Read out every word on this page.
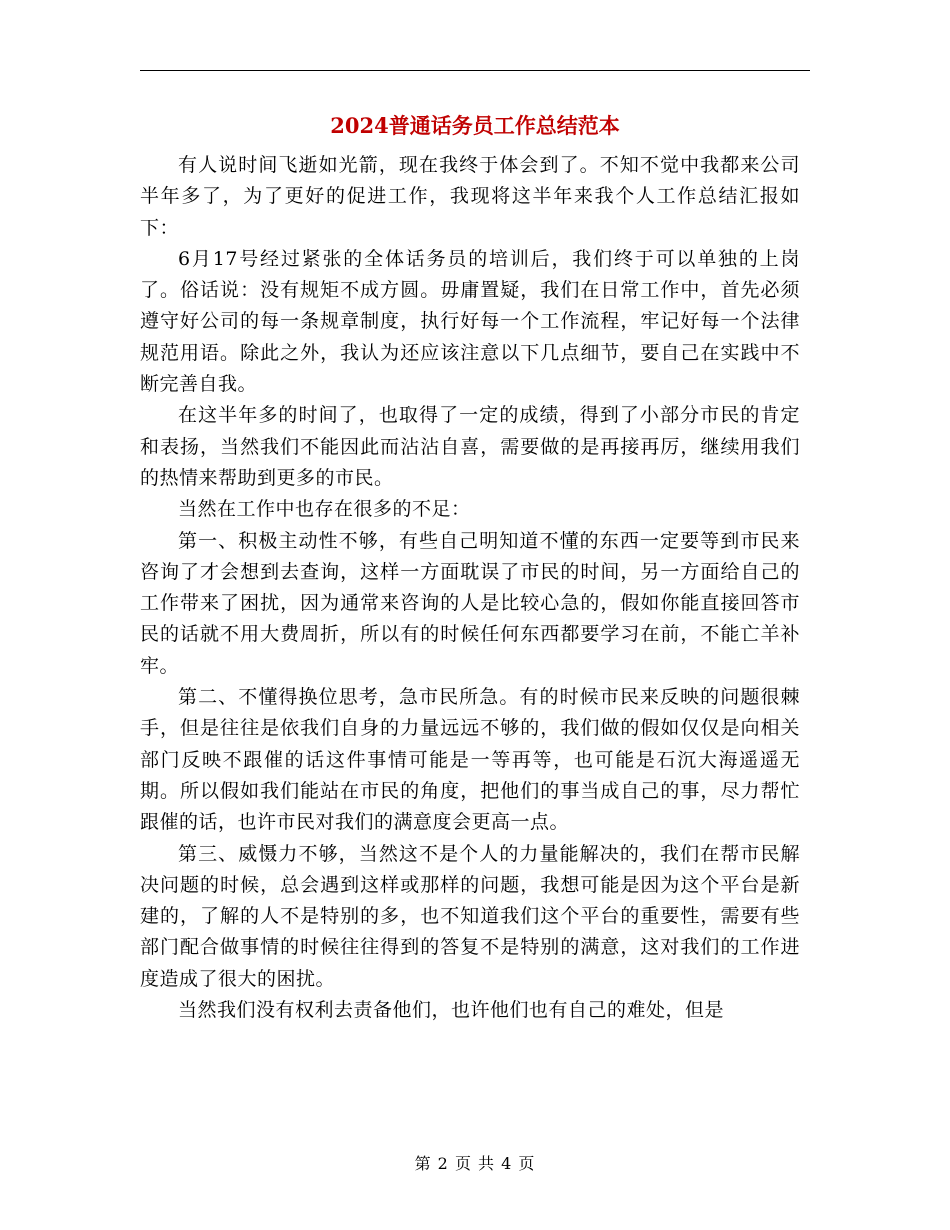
2024普通话务员工作总结范本

有人说时间飞逝如光箭，现在我终于体会到了。不知不觉中我都来公司半年多了，为了更好的促进工作，我现将这半年来我个人工作总结汇报如下：

6月17号经过紧张的全体话务员的培训后，我们终于可以单独的上岗了。俗话说：没有规矩不成方圆。毋庸置疑，我们在日常工作中，首先必须遵守好公司的每一条规章制度，执行好每一个工作流程，牢记好每一个法律规范用语。除此之外，我认为还应该注意以下几点细节，要自己在实践中不断完善自我。

在这半年多的时间了，也取得了一定的成绩，得到了小部分市民的肯定和表扬，当然我们不能因此而沾沾自喜，需要做的是再接再厉，继续用我们的热情来帮助到更多的市民。

当然在工作中也存在很多的不足：

第一、积极主动性不够，有些自己明知道不懂的东西一定要等到市民来咨询了才会想到去查询，这样一方面耽误了市民的时间，另一方面给自己的工作带来了困扰，因为通常来咨询的人是比较心急的，假如你能直接回答市民的话就不用大费周折，所以有的时候任何东西都要学习在前，不能亡羊补牢。

第二、不懂得换位思考，急市民所急。有的时候市民来反映的问题很棘手，但是往往是依我们自身的力量远远不够的，我们做的假如仅仅是向相关部门反映不跟催的话这件事情可能是一等再等，也可能是石沉大海遥遥无期。所以假如我们能站在市民的角度，把他们的事当成自己的事，尽力帮忙跟催的话，也许市民对我们的满意度会更高一点。

第三、威慑力不够，当然这不是个人的力量能解决的，我们在帮市民解决问题的时候，总会遇到这样或那样的问题，我想可能是因为这个平台是新建的，了解的人不是特别的多，也不知道我们这个平台的重要性，需要有些部门配合做事情的时候往往得到的答复不是特别的满意，这对我们的工作进度造成了很大的困扰。

当然我们没有权利去责备他们，也许他们也有自己的难处，但是

第 2 页 共 4 页
